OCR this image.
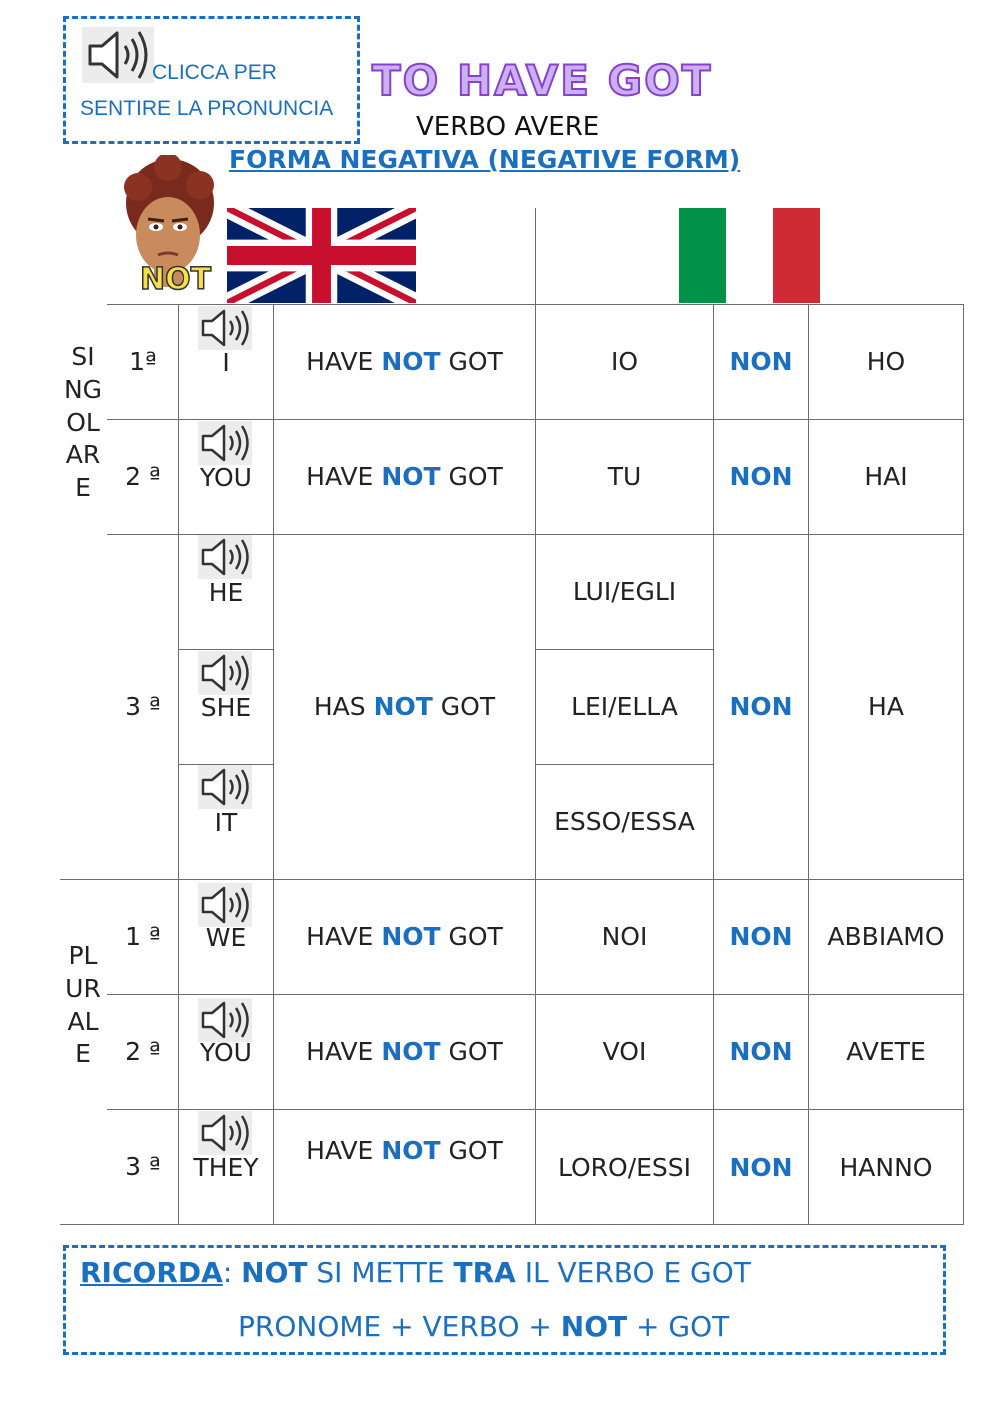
CLICCA PER
SENTIRE LA PRONUNCIA
TO HAVE GOT
VERBO AVERE
FORMA NEGATIVA (NEGATIVE FORM)
NOT
SINGOLARE
PLURALE
1ª
2 ª
3 ª
1 ª
2 ª
3 ª
I
YOU
HE
SHE
IT
WE
YOU
THEY
HAVE NOT GOT
HAVE NOT GOT
HAS NOT GOT
HAVE NOT GOT
HAVE NOT GOT
HAVE NOT GOT
IO
TU
LUI/EGLI
LEI/ELLA
ESSO/ESSA
NOI
VOI
LORO/ESSI
NON
NON
NON
NON
NON
NON
HO
HAI
HA
ABBIAMO
AVETE
HANNO
RICORDA: NOT SI METTE TRA IL VERBO E GOT
PRONOME + VERBO + NOT + GOT
